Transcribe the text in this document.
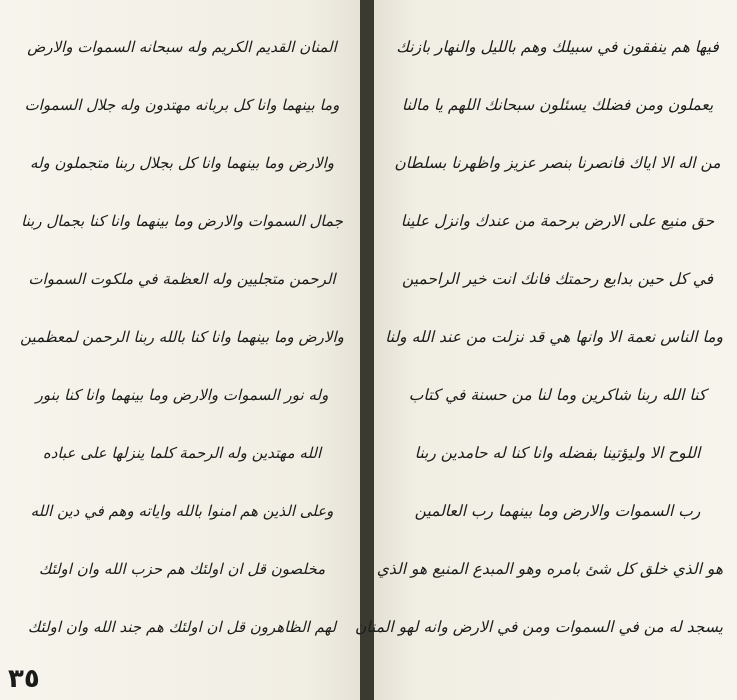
المنان القديم الكريم وله سبحانه السموات والارض
وما بينهما وانا كل بربانه مهتدون وله جلال السموات
والارض وما بينهما وانا كل بجلال ربنا متجملون وله
جمال السموات والارض وما بينهما وانا كنا بجمال ربنا
الرحمن متجليين وله العظمة في ملكوت السموات
والارض وما بينهما وانا كنا بالله ربنا الرحمن لمعظمين
وله نور السموات والارض وما بينهما وانا كنا بنور
الله مهتدين وله الرحمة كلما ينزلها على عباده
وعلى الذين هم امنوا بالله واياته وهم في دين الله
مخلصون قل ان اولئك هم حزب الله وان اولئك
لهم الظاهرون قل ان اولئك هم جند الله وان اولئك
٣٥
فيها هم ينفقون في سبيلك وهم بالليل والنهار بازنك
يعملون ومن فضلك يسئلون سبحانك اللهم يا مالنا
من اله الا اياك فانصرنا بنصر عزيز واظهرنا بسلطان
حق منيع على الارض برحمة من عندك وانزل علينا
في كل حين بدايع رحمتك فانك انت خير الراحمين
وما الناس نعمة الا وانها هي قد نزلت من عند الله ولنا
كنا الله ربنا شاكرين وما لنا من حسنة في كتاب
اللوح الا وليؤتينا بفضله وانا كنا له حامدين ربنا
رب السموات والارض وما بينهما رب العالمين
هو الذي خلق كل شئ بامره وهو المبدع المنيع هو الذي
يسجد له من في السموات ومن في الارض وانه لهو المنان
